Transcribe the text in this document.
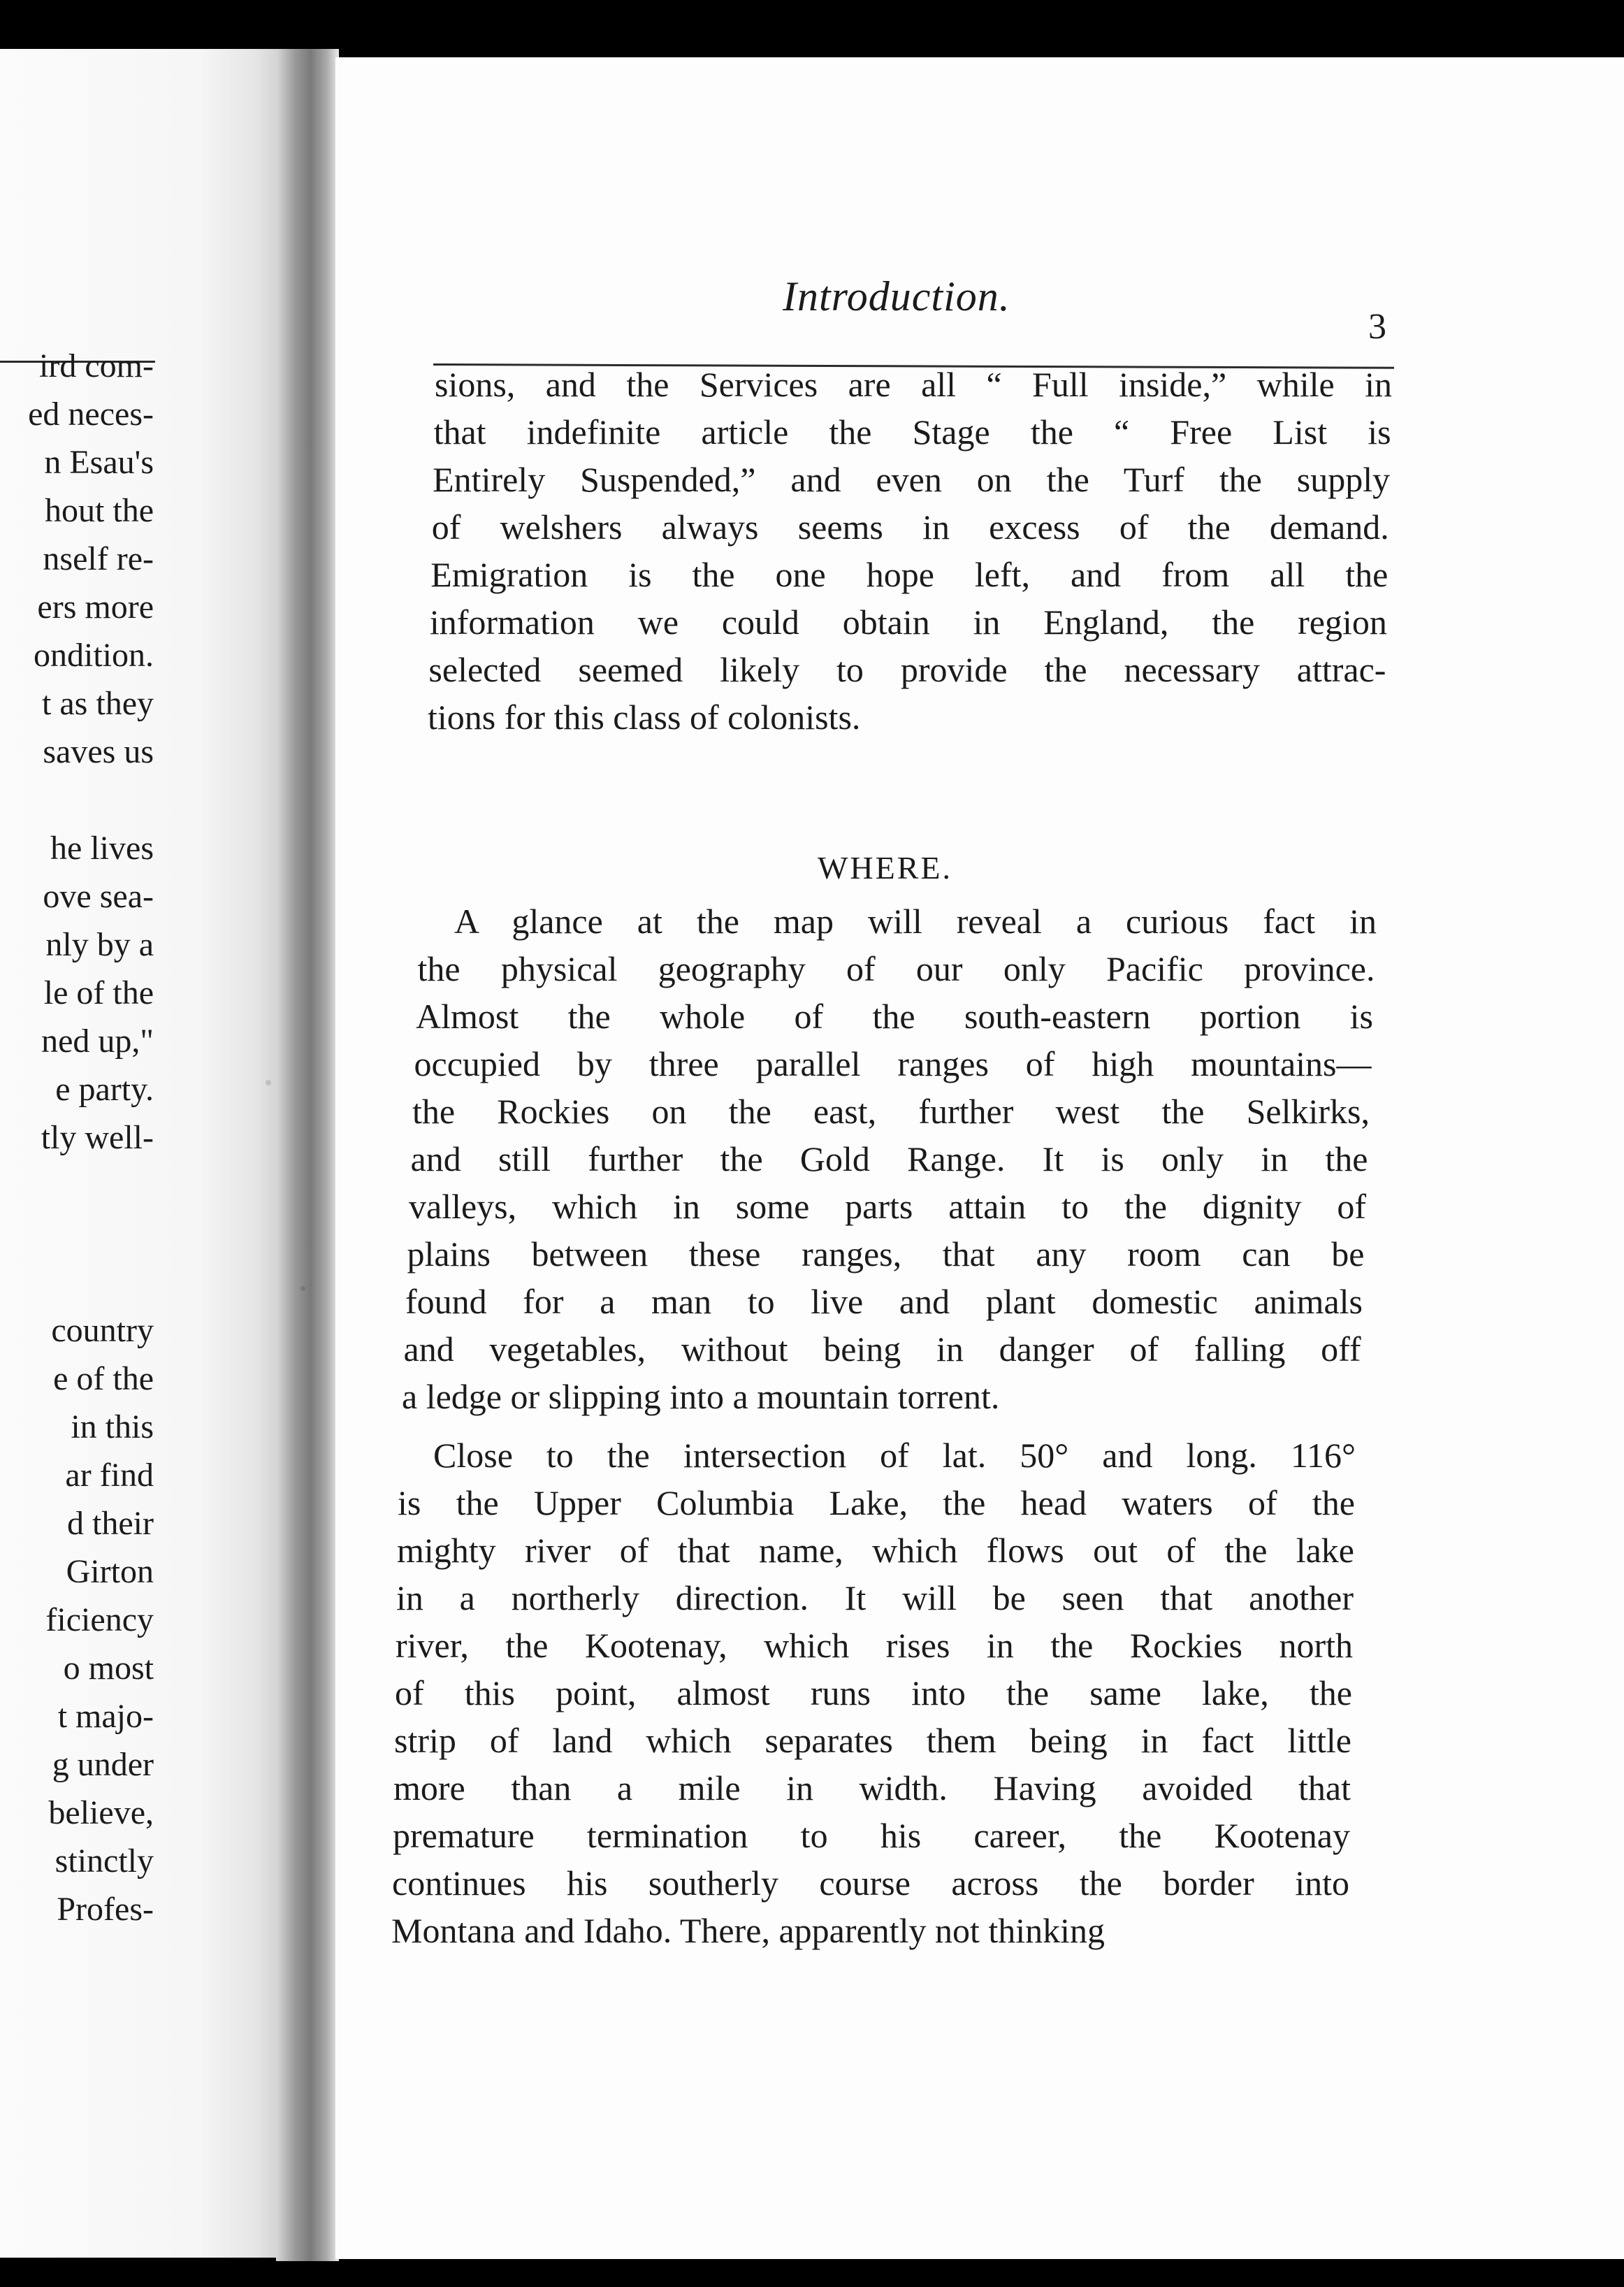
ird com-
ed neces-
n Esau's
hout the
nself re-
ers more
ondition.
t as they
saves us
he lives
ove sea-
nly by a
le of the
ned up,"
e party.
tly well-
country
e of the
in this
ar find
d their
Girton
ficiency
o most
t majo-
g under
believe,
stinctly
Profes-
Introduction.
3
sions, and the Services are all “ Full inside,” while in
that indefinite article the Stage the “ Free List is
Entirely Suspended,” and even on the Turf the supply
of welshers always seems in excess of the demand.
Emigration is the one hope left, and from all the
information we could obtain in England, the region
selected seemed likely to provide the necessary attrac-
tions for this class of colonists.
WHERE.
A glance at the map will reveal a curious fact in
the physical geography of our only Pacific province.
Almost the whole of the south-eastern portion is
occupied by three parallel ranges of high mountains—
the Rockies on the east, further west the Selkirks,
and still further the Gold Range. It is only in the
valleys, which in some parts attain to the dignity of
plains between these ranges, that any room can be
found for a man to live and plant domestic animals
and vegetables, without being in danger of falling off
a ledge or slipping into a mountain torrent.
Close to the intersection of lat. 50° and long. 116°
is the Upper Columbia Lake, the head waters of the
mighty river of that name, which flows out of the lake
in a northerly direction. It will be seen that another
river, the Kootenay, which rises in the Rockies north
of this point, almost runs into the same lake, the
strip of land which separates them being in fact little
more than a mile in width. Having avoided that
premature termination to his career, the Kootenay
continues his southerly course across the border into
Montana and Idaho. There, apparently not thinking
